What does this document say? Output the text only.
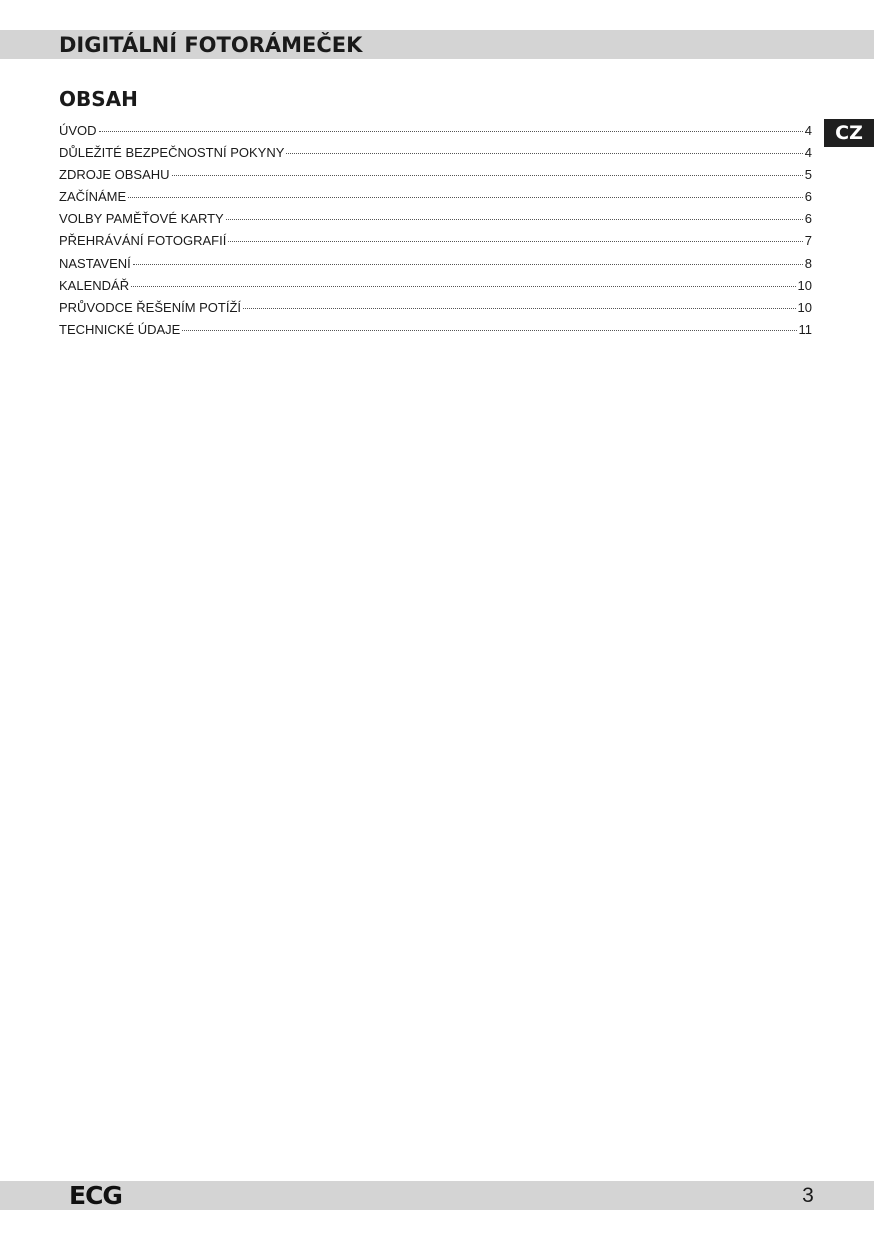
DIGITÁLNÍ FOTORÁMEČEK
OBSAH
CZ
ÚVOD	4
DŮLEŽITÉ BEZPEČNOSTNÍ POKYNY	4
ZDROJE OBSAHU	5
ZAČÍNÁME	6
VOLBY PAMĚŤOVÉ KARTY	6
PŘEHRÁVÁNÍ FOTOGRAFIÍ	7
NASTAVENÍ	8
KALENDÁŘ	10
PRŮVODCE ŘEŠENÍM POTÍŽÍ	10
TECHNICKÉ ÚDAJE	11
ECG	3
